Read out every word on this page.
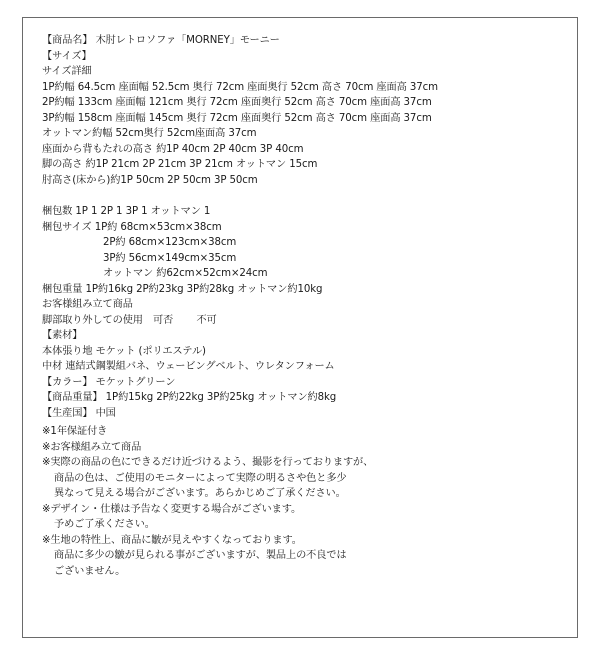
【商品名】 木肘レトロソファ「MORNEY」モーニー
【サイズ】
サイズ詳細
1P約幅 64.5cm 座面幅 52.5cm 奥行 72cm 座面奥行 52cm 高さ 70cm 座面高 37cm
2P約幅 133cm 座面幅 121cm 奥行 72cm 座面奥行 52cm 高さ 70cm 座面高 37cm
3P約幅 158cm 座面幅 145cm 奥行 72cm 座面奥行 52cm 高さ 70cm 座面高 37cm
オットマン約幅 52cm奥行 52cm座面高 37cm
座面から背もたれの高さ 約1P 40cm 2P 40cm 3P 40cm
脚の高さ 約1P 21cm 2P 21cm 3P 21cm オットマン 15cm
肘高さ(床から)約1P 50cm 2P 50cm 3P 50cm
梱包数 1P 1 2P 1 3P 1 オットマン 1
梱包サイズ 1P約 68cm×53cm×38cm
2P約 68cm×123cm×38cm
3P約 56cm×149cm×35cm
オットマン 約62cm×52cm×24cm
梱包重量 1P約16kg 2P約23kg 3P約28kg オットマン約10kg
お客様組み立て商品
脚部取り外しての使用　可否　　 不可
【素材】
本体張り地 モケット (ポリエステル)
中材 連結式鋼製組バネ、ウェービングベルト、ウレタンフォーム
【カラー】 モケットグリーン
【商品重量】 1P約15kg 2P約22kg 3P約25kg オットマン約8kg
【生産国】 中国
※1年保証付き
※お客様組み立て商品
※実際の商品の色にできるだけ近づけるよう、撮影を行っておりますが、
商品の色は、ご使用のモニターによって実際の明るさや色と多少
異なって見える場合がございます。あらかじめご了承ください。
※デザイン・仕様は予告なく変更する場合がございます。
予めご了承ください。
※生地の特性上、商品に皺が見えやすくなっております。
商品に多少の皺が見られる事がございますが、製品上の不良では
ございません。
